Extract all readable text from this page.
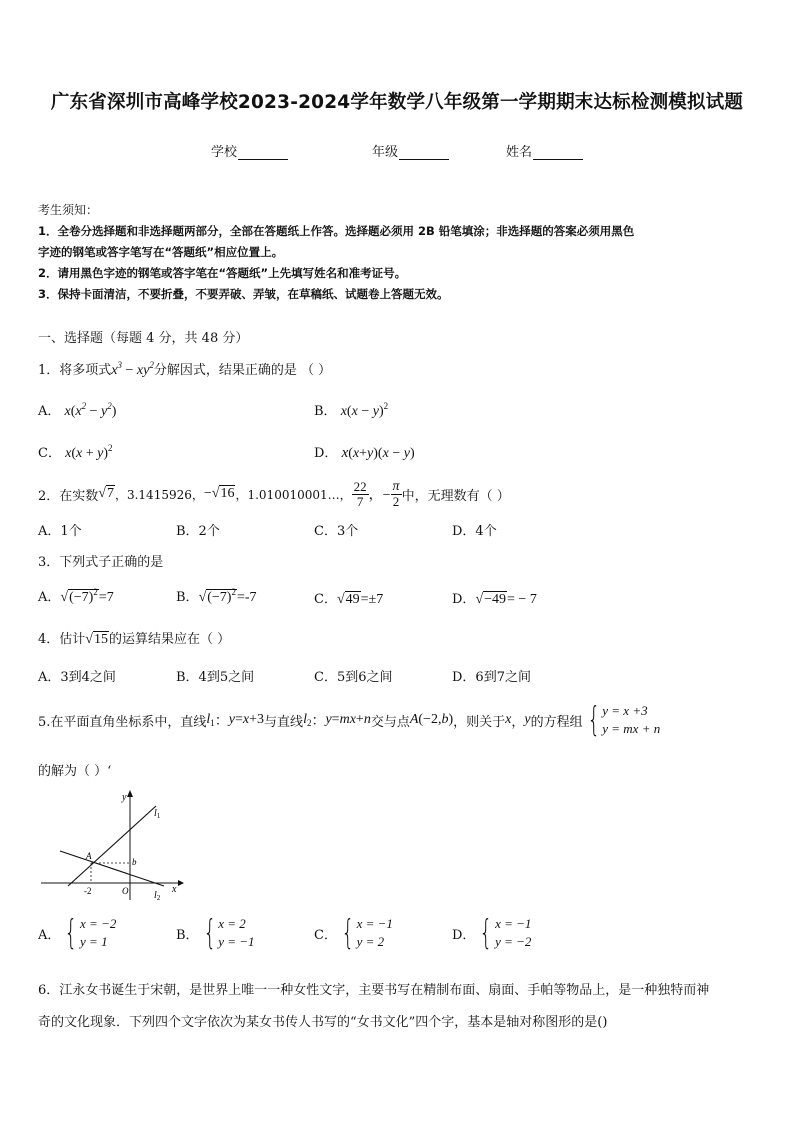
广东省深圳市高峰学校2023-2024学年数学八年级第一学期期末达标检测模拟试题
学校	年级	姓名
考生须知：
1．全卷分选择题和非选择题两部分，全部在答题纸上作答。选择题必须用 2B 铅笔填涂；非选择题的答案必须用黑色
字迹的钢笔或答字笔写在“答题纸”相应位置上。
2．请用黑色字迹的钢笔或答字笔在“答题纸”上先填写姓名和准考证号。
3．保持卡面清洁，不要折叠，不要弄破、弄皱，在草稿纸、试题卷上答题无效。
一、选择题（每题 4 分，共 48 分）
1．将多项式$x^3 - xy^2$分解因式，结果正确的是 （ ）
A． $x(x^2 - y^2)$	B． $x(x - y)^2$
C． $x(x + y)^2$	D． x(x+y)(x − y)
2．在实数 √7 ，3.1415926， −√16 ，1.010010001…， $\frac{22}{7}$ ，− $\frac{\pi}{2}$ 中，无理数有（ ）
A．1个	B．2个	C．3个	D．4个
3．下列式子正确的是
A．$√(-7)^2=7$	B．$√(-7)^2=-7$	C．√49=±7	D．√−49= − 7
4．估计√15的运算结果应在（ ）
A．3到4之间	B．4到5之间	C．5到6之间	D．6到7之间
5.在平面直角坐标系中，直线 $l_1$ ： y = x +3 与直线 $l_2$ ： y = mx + n 交与点 A (−2, b ) ，则关于 x ， y 的方程组 { y = x +3
y = mx + n
的解为（ ）‘
y
x
$l_1$
$l_2$
A
b
-2	O
A． { x = −2
y = 1	B． { x = 2
y = −1	C． { x = −1
y = 2	D． { x = −1
y = −2
6．江永女书诞生于宋朝，是世界上唯一一种女性文字，主要书写在精制布面、扇面、手帕等物品上，是一种独特而神
奇的文化现象．下列四个文字依次为某女书传人书写的“女书文化”四个字，基本是轴对称图形的是()
